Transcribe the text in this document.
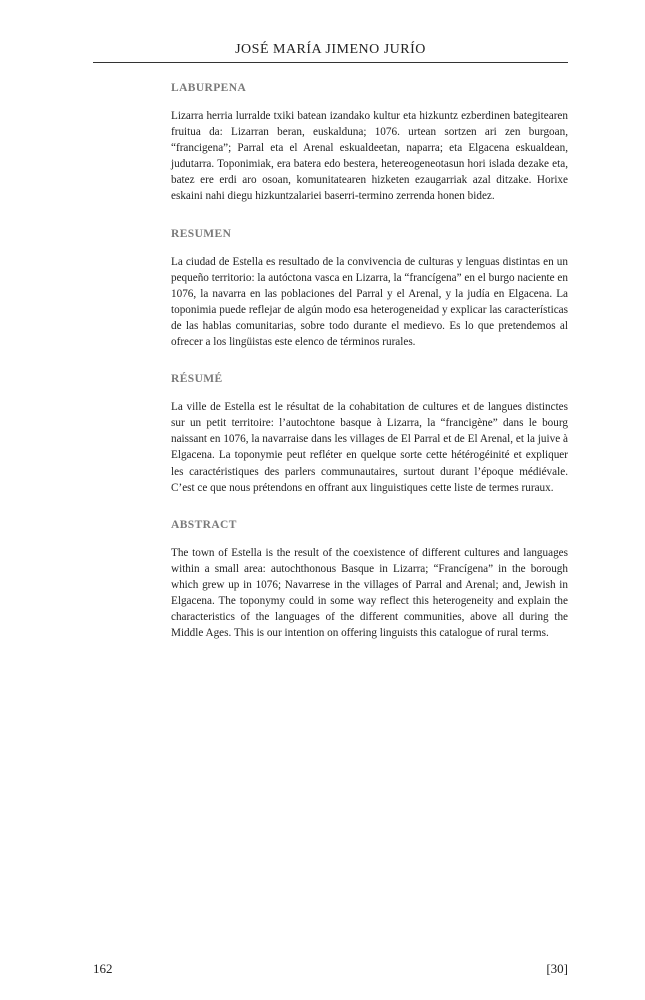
JOSÉ MARÍA JIMENO JURÍO
LABURPENA

Lizarra herria lurralde txiki batean izandako kultur eta hizkuntz ezberdinen bategitearen fruitua da: Lizarran beran, euskalduna; 1076. urtean sortzen ari zen burgoan, “francigena”; Parral eta el Arenal eskualdeetan, naparra; eta Elgacena eskualdean, judutarra. Toponimiak, era batera edo bestera, hetereogeneotasun hori islada dezake eta, batez ere erdi aro osoan, komunitatearen hizketen ezaugarriak azal ditzake. Horixe eskaini nahi diegu hizkuntzalariei baserri-termino zerrenda honen bidez.

RESUMEN

La ciudad de Estella es resultado de la convivencia de culturas y lenguas distintas en un pequeño territorio: la autóctona vasca en Lizarra, la “francígena” en el burgo naciente en 1076, la navarra en las poblaciones del Parral y el Arenal, y la judía en Elgacena. La toponimia puede reflejar de algún modo esa heterogeneidad y explicar las características de las hablas comunitarias, sobre todo durante el medievo. Es lo que pretendemos al ofrecer a los lingüistas este elenco de términos rurales.

RÉSUMÉ

La ville de Estella est le résultat de la cohabitation de cultures et de langues distinctes sur un petit territoire: l’autochtone basque à Lizarra, la “francigène” dans le bourg naissant en 1076, la navarraise dans les villages de El Parral et de El Arenal, et la juive à Elgacena. La toponymie peut refléter en quelque sorte cette hétérogéinité et expliquer les caractéristiques des parlers communautaires, surtout durant l’époque médiévale. C’est ce que nous prétendons en offrant aux linguistiques cette liste de termes ruraux.

ABSTRACT

The town of Estella is the result of the coexistence of different cultures and languages within a small area: autochthonous Basque in Lizarra; “Francígena” in the borough which grew up in 1076; Navarrese in the villages of Parral and Arenal; and, Jewish in Elgacena. The toponymy could in some way reflect this heterogeneity and explain the characteristics of the languages of the different communities, above all during the Middle Ages. This is our intention on offering linguists this catalogue of rural terms.

162	[30]
